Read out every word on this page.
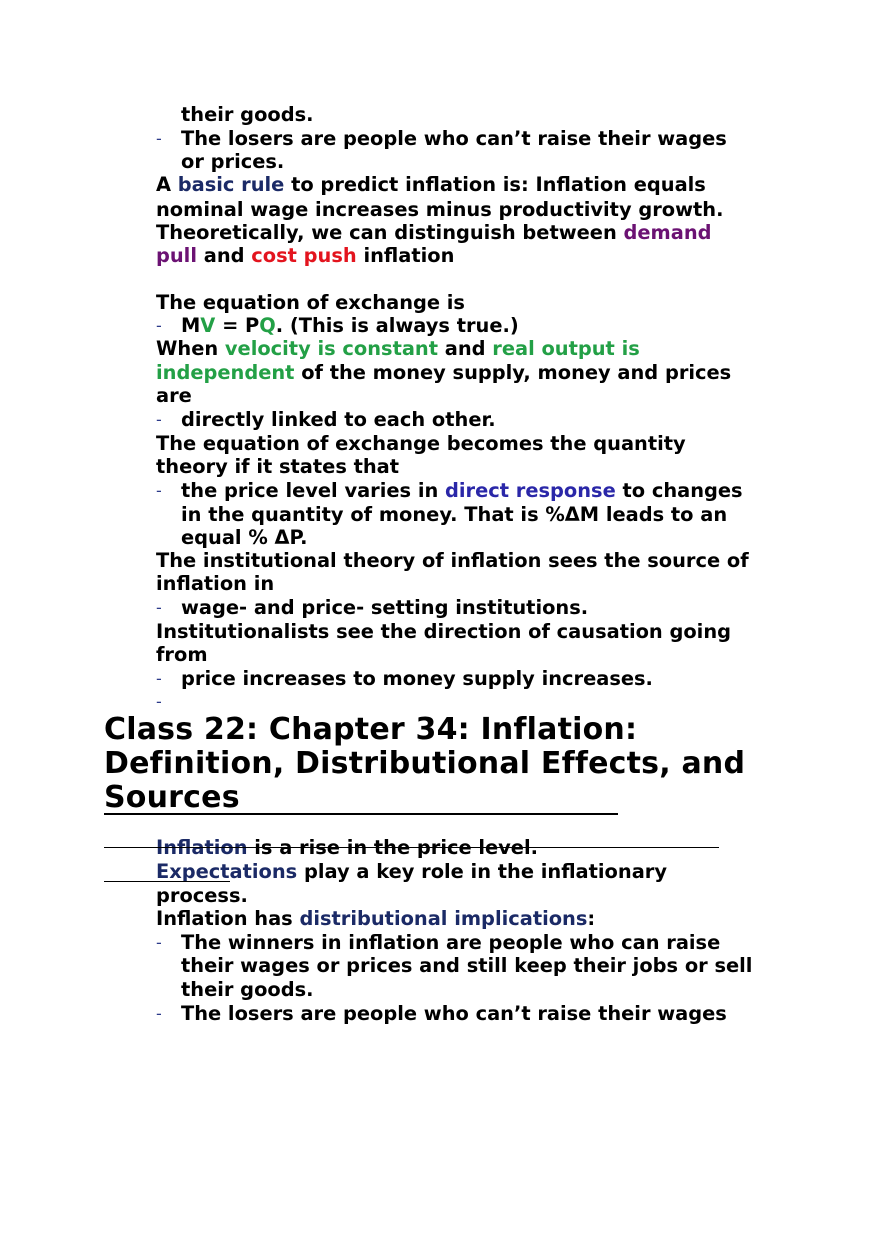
their goods.
- The losers are people who can’t raise their wages
or prices.
A basic rule to predict inflation is: Inflation equals
nominal wage increases minus productivity growth.
Theoretically, we can distinguish between demand
pull and cost push inflation
The equation of exchange is
- MV = PQ. (This is always true.)
When velocity is constant and real output is
independent of the money supply, money and prices
are
- directly linked to each other.
The equation of exchange becomes the quantity
theory if it states that
- the price level varies in direct response to changes
in the quantity of money. That is %ΔM leads to an
equal % ΔP.
The institutional theory of inflation sees the source of
inflation in
- wage- and price- setting institutions.
Institutionalists see the direction of causation going
from
- price increases to money supply increases.
-
Class 22: Chapter 34: Inflation:
Definition, Distributional Effects, and
Sources
Inflation is a rise in the price level.
Expectations play a key role in the inflationary
process.
Inflation has distributional implications:
- The winners in inflation are people who can raise
their wages or prices and still keep their jobs or sell
their goods.
- The losers are people who can’t raise their wages
